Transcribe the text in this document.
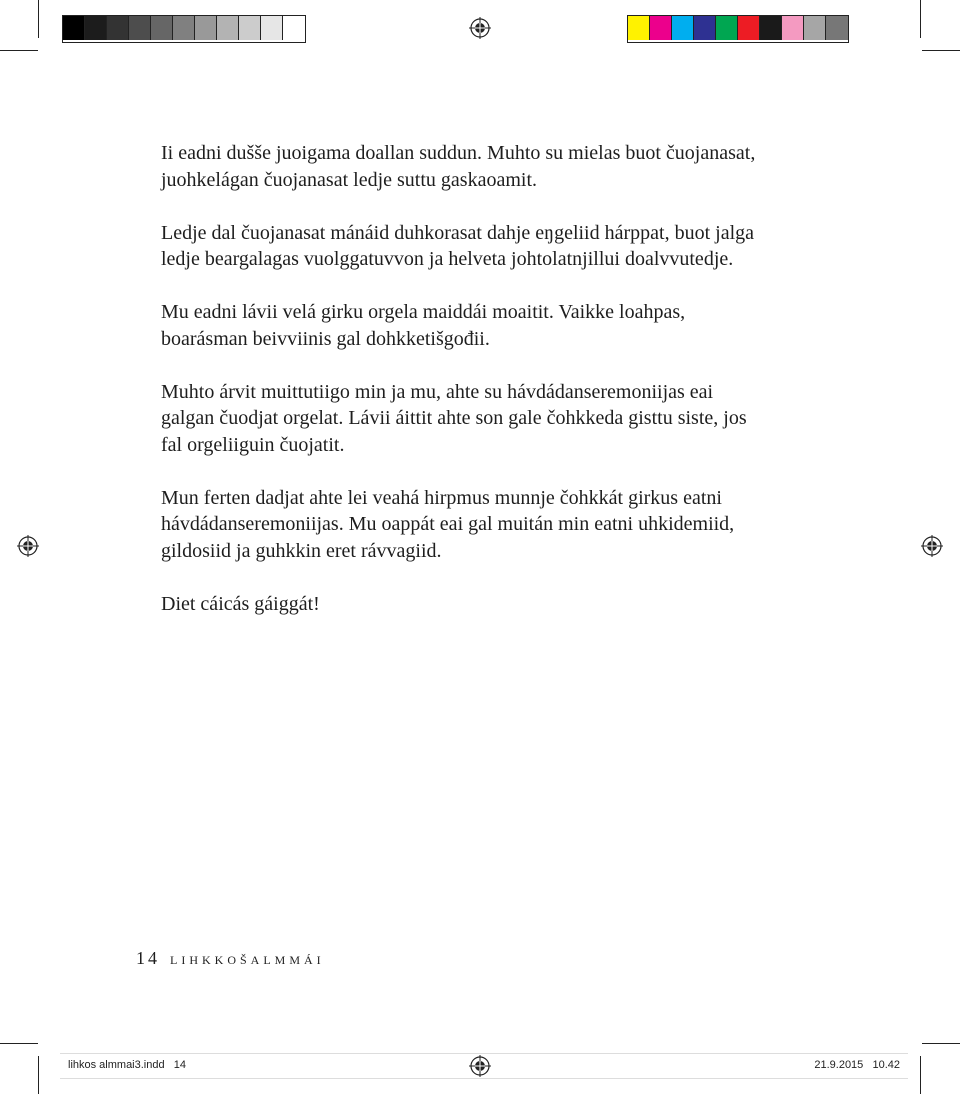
Ii eadni dušše juoigama doallan suddun. Muhto su mielas buot čuojanasat, juohkelágan čuojanasat ledje suttu gaskaoamit.

Ledje dal čuojanasat mánáid duhkorasat dahje eŋgeliid hárppat, buot jalga ledje beargalagas vuolggatuvvon ja helveta johtolatnjillui doalvvutedje.

Mu eadni lávii velá girku orgela maiddái moaitit. Vaikke loahpas, boarásman beivviinis gal dohkketišgođii.

Muhto árvit muittutiigo min ja mu, ahte su hávdádanseremoniijas eai galgan čuodjat orgelat. Lávii áittit ahte son gale čohkkeda gisttu siste, jos fal orgeliiguin čuojatit.

Mun ferten dadjat ahte lei veahá hirpmus munnje čohkkát girkus eatni hávdádanseremoniijas. Mu oappát eai gal muitán min eatni uhkidemiid, gildosiid ja guhkkin eret rávvagiid.

Diet cáicás gáiggát!

14 LIHKKOŠALMMÁI
lihkos almmai3.indd   14	21.9.2015   10.42
